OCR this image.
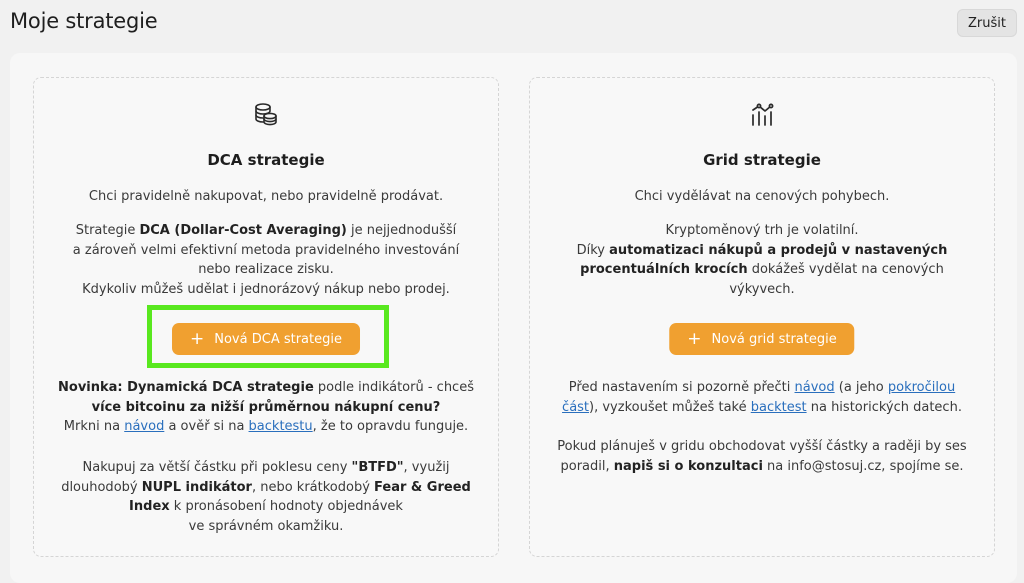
Moje strategie	Zrušit
DCA strategie

Chci pravidelně nakupovat, nebo pravidelně prodávat.

Strategie DCA (Dollar-Cost Averaging) je nejjednodušší

a zároveň velmi efektivní metoda pravidelného investování

nebo realizace zisku.

Kdykoliv můžeš udělat i jednorázový nákup nebo prodej.

+ Nová DCA strategie

Novinka: Dynamická DCA strategie podle indikátorů - chceš

více bitcoinu za nižší průměrnou nákupní cenu?

Mrkni na návod a ověř si na backtestu, že to opravdu funguje.

Nakupuj za větší částku při poklesu ceny "BTFD", využij

dlouhodobý NUPL indikátor, nebo krátkodobý Fear & Greed

Index k pronásobení hodnoty objednávek

ve správném okamžiku.

Grid strategie

Chci vydělávat na cenových pohybech.

Kryptoměnový trh je volatilní.

Díky automatizaci nákupů a prodejů v nastavených

procentuálních krocích dokážeš vydělat na cenových

výkyvech.

+ Nová grid strategie

Před nastavením si pozorně přečti návod (a jeho pokročilou

část), vyzkoušet můžeš také backtest na historických datech.

Pokud plánuješ v gridu obchodovat vyšší částky a raději by ses

poradil, napiš si o konzultaci na info@stosuj.cz, spojíme se.
